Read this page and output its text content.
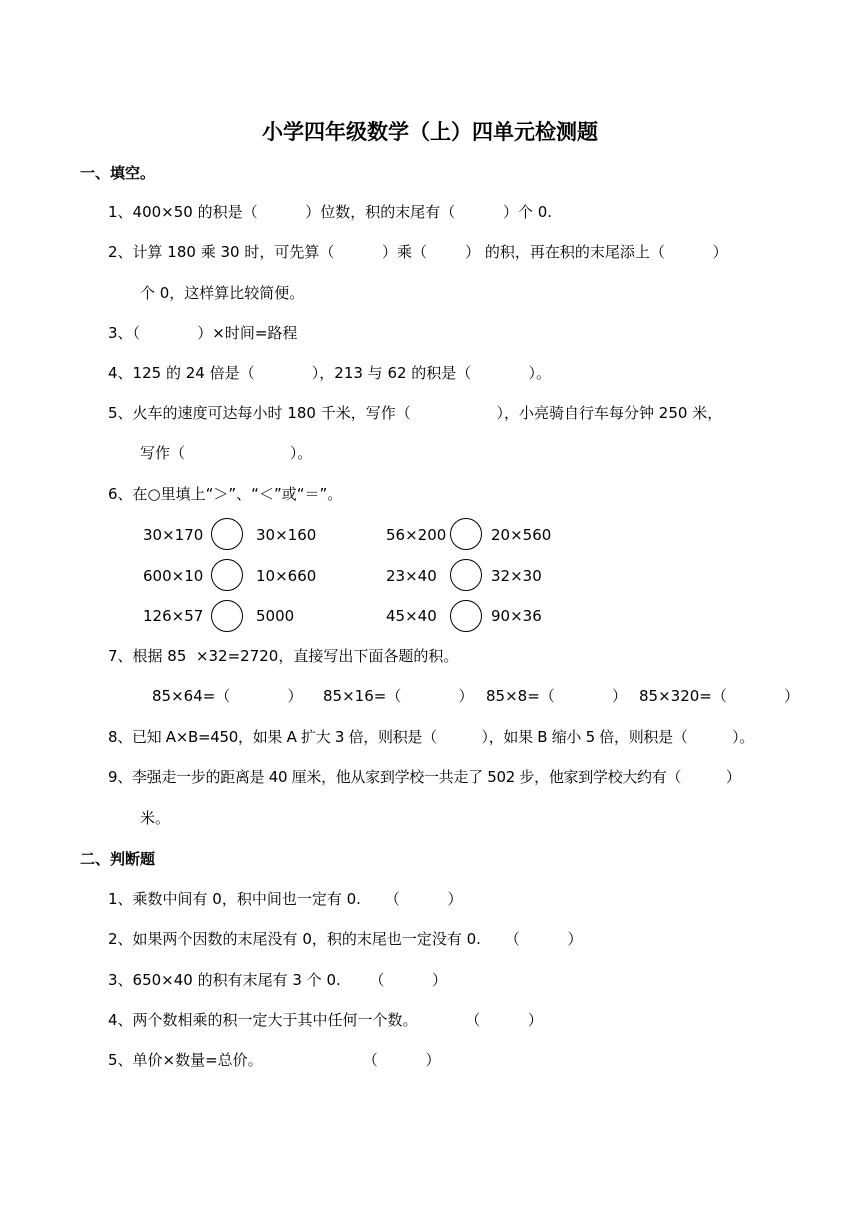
小学四年级数学（上）四单元检测题
一、填空。
1、400×50 的积是（          ）位数，积的末尾有（          ）个 0.
2、计算 180 乘 30 时，可先算（          ）乘（        ） 的积，再在积的末尾添上（          ）
个 0，这样算比较简便。
3、（            ）×时间=路程
4、125 的 24 倍是（            ），213 与 62 的积是（            ）。
5、火车的速度可达每小时 180 千米，写作（                  ），小亮骑自行车每分钟 250 米，
写作（                      ）。
6、在○里填上“＞”、“＜”或“＝”。
30×170	30×160	56×200	20×560
600×10	10×660	23×40	32×30
126×57	5000	45×40	90×36
7、根据 85  ×32=2720，直接写出下面各题的积。
85×64=（            ） 85×16=（            ） 85×8=（            ） 85×320=（            ）
8、已知 A×B=450，如果 A 扩大 3 倍，则积是（          ），如果 B 缩小 5 倍，则积是（          ）。
9、李强走一步的距离是 40 厘米，他从家到学校一共走了 502 步，他家到学校大约有（          ）
米。
二、判断题
1、乘数中间有 0，积中间也一定有 0.     （          ）
2、如果两个因数的末尾没有 0，积的末尾也一定没有 0.     （          ）
3、650×40 的积有末尾有 3 个 0.      （          ）
4、两个数相乘的积一定大于其中任何一个数。          （          ）
5、单价×数量=总价。                     （          ）
